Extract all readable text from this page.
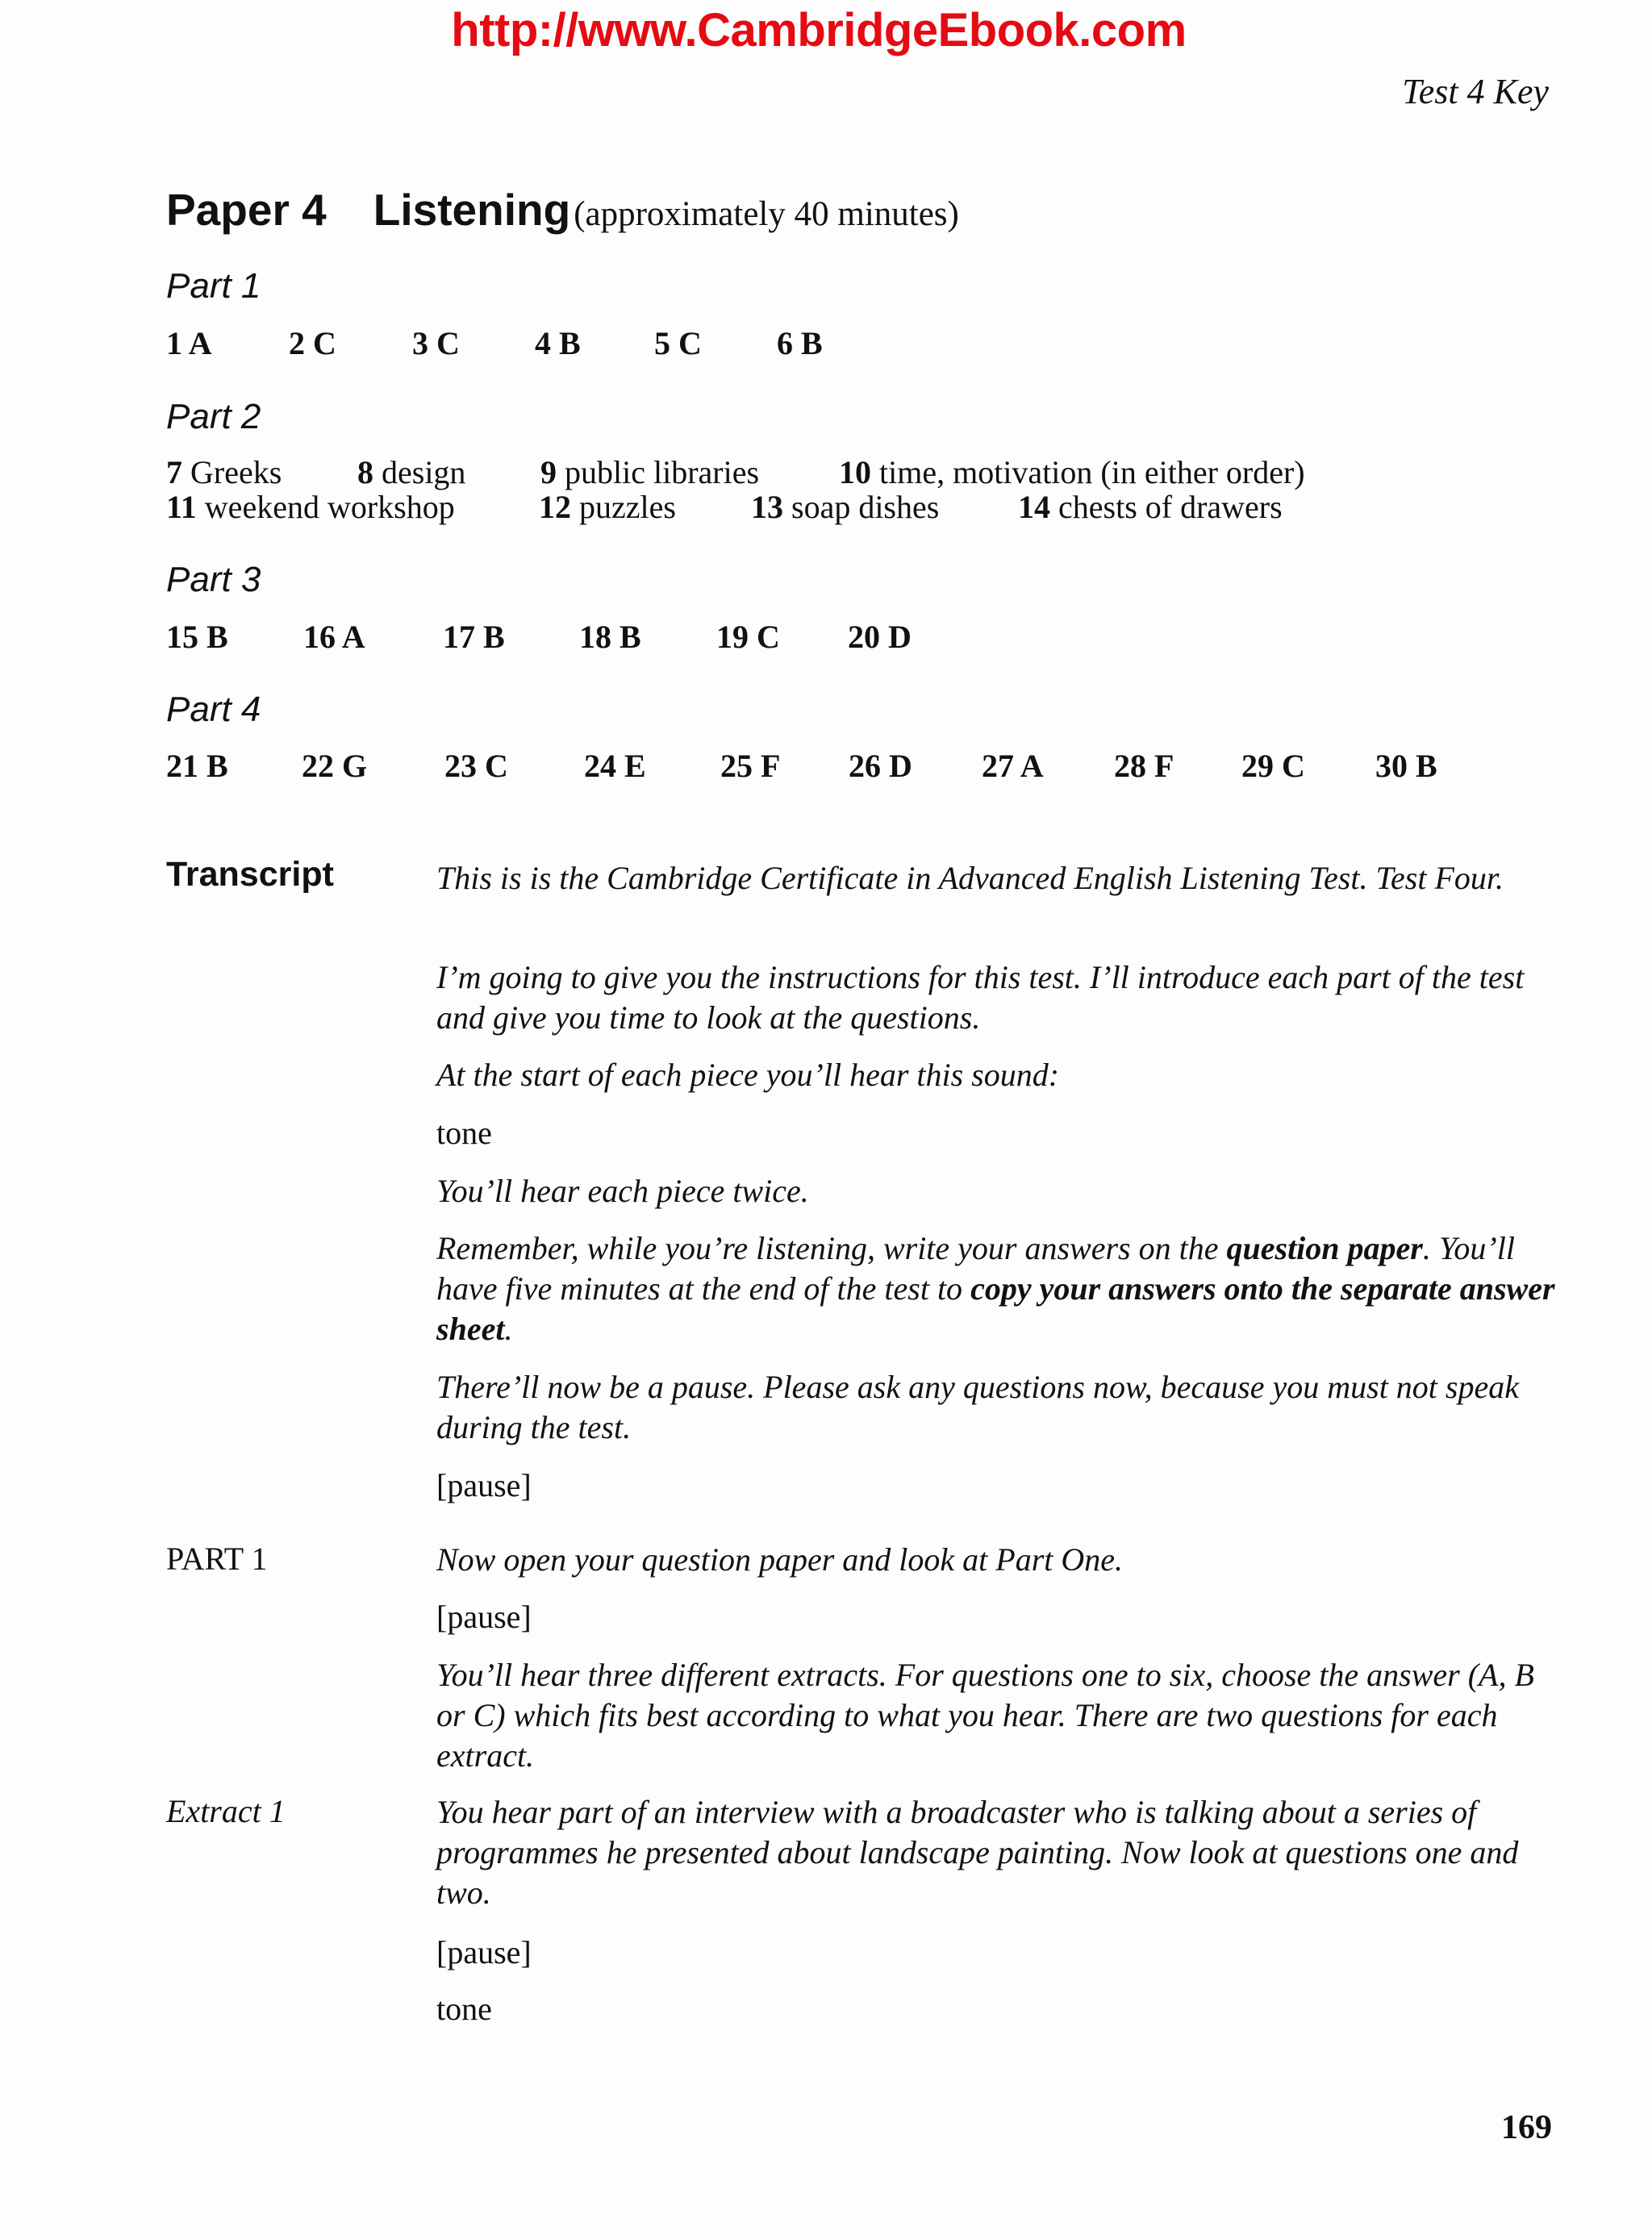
http://www.CambridgeEbook.com
Test 4 Key
Paper 4 Listening (approximately 40 minutes)
Part 1
1 A 2 C 3 C 4 B 5 C 6 B
Part 2
7 Greeks 8 design 9 public libraries 10 time, motivation (in either order)
11 weekend workshop	12 puzzles 13 soap dishes 14 chests of drawers
Part 3
15 B 16 A 17 B 18 B 19 C 20 D
Part 4
21 B 22 G 23 C 24 E 25 F 26 D 27 A 28 F 29 C 30 B
Transcript	This is is the Cambridge Certificate in Advanced English Listening Test. Test Four.
I’m going to give you the instructions for this test. I’ll introduce each part of the test and give you time to look at the questions.
At the start of each piece you’ll hear this sound:
tone
You’ll hear each piece twice.
Remember, while you’re listening, write your answers on the question paper. You’ll have five minutes at the end of the test to copy your answers onto the separate answer sheet.
There’ll now be a pause. Please ask any questions now, because you must not speak during the test.
[pause]
PART 1	Now open your question paper and look at Part One.
[pause]
You’ll hear three different extracts. For questions one to six, choose the answer (A, B or C) which fits best according to what you hear. There are two questions for each extract.
Extract 1	You hear part of an interview with a broadcaster who is talking about a series of programmes he presented about landscape painting. Now look at questions one and two.
[pause]
tone
169
